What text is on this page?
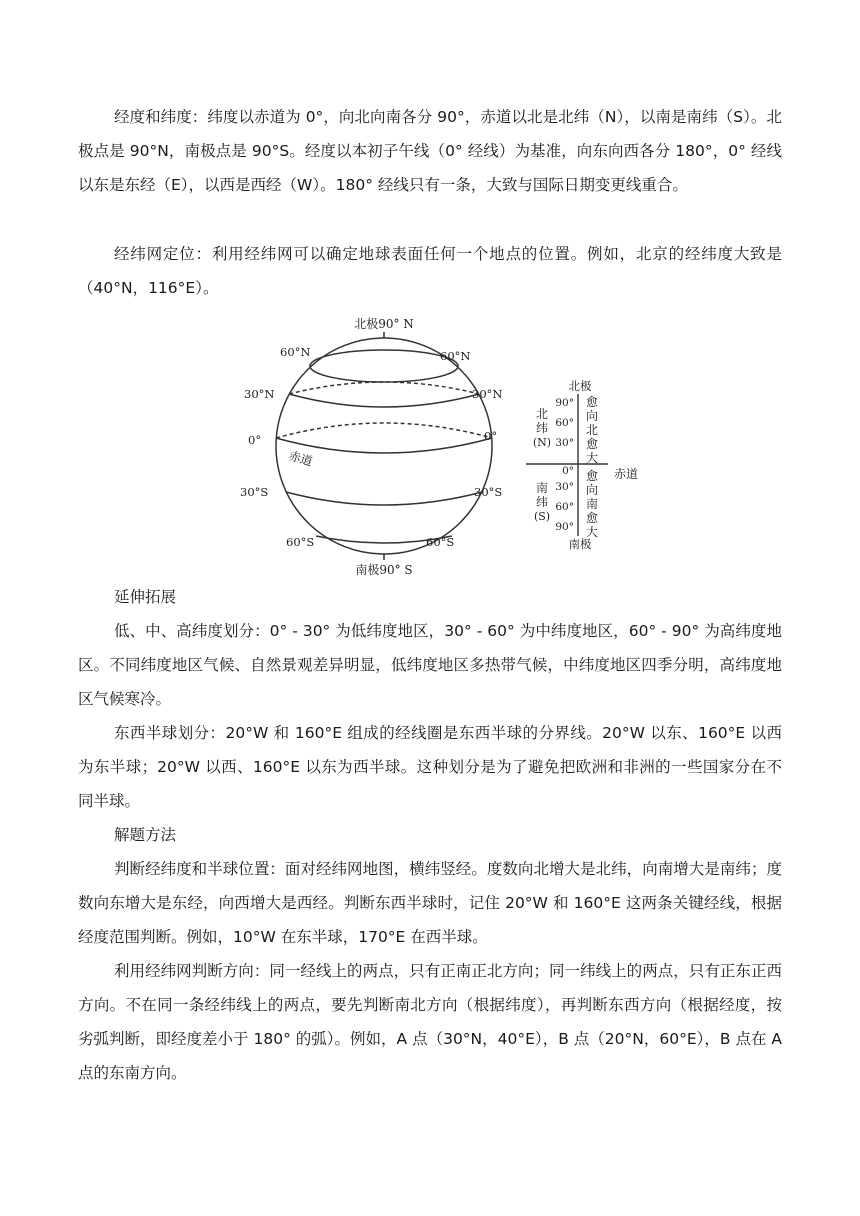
经度和纬度：纬度以赤道为 0°，向北向南各分 90°，赤道以北是北纬（N），以南是南纬（S）。北极点是 90°N，南极点是 90°S。经度以本初子午线（0° 经线）为基准，向东向西各分 180°，0° 经线以东是东经（E），以西是西经（W）。180° 经线只有一条，大致与国际日期变更线重合。

经纬网定位：利用经纬网可以确定地球表面任何一个地点的位置。例如，北京的经纬度大致是（40°N，116°E）。

北极90° N
南极90° S
60°N	60°N
30°N	30°N
0°	0°
30°S	30°S
60°S	60°S
赤道
北极
南极
北
纬
(N)
南
纬
(S)
90°
60°
30°
0°
30°
60°
90°
愈
向
北
愈
大
愈
向
南
愈
大
赤道

延伸拓展

低、中、高纬度划分：0° - 30° 为低纬度地区，30° - 60° 为中纬度地区，60° - 90° 为高纬度地区。不同纬度地区气候、自然景观差异明显，低纬度地区多热带气候，中纬度地区四季分明，高纬度地区气候寒冷。

东西半球划分：20°W 和 160°E 组成的经线圈是东西半球的分界线。20°W 以东、160°E 以西为东半球；20°W 以西、160°E 以东为西半球。这种划分是为了避免把欧洲和非洲的一些国家分在不同半球。

解题方法

判断经纬度和半球位置：面对经纬网地图，横纬竖经。度数向北增大是北纬，向南增大是南纬；度数向东增大是东经，向西增大是西经。判断东西半球时，记住 20°W 和 160°E 这两条关键经线，根据经度范围判断。例如，10°W 在东半球，170°E 在西半球。

利用经纬网判断方向：同一经线上的两点，只有正南正北方向；同一纬线上的两点，只有正东正西方向。不在同一条经纬线上的两点，要先判断南北方向（根据纬度），再判断东西方向（根据经度，按劣弧判断，即经度差小于 180° 的弧）。例如，A 点（30°N，40°E），B 点（20°N，60°E），B 点在 A 点的东南方向。
